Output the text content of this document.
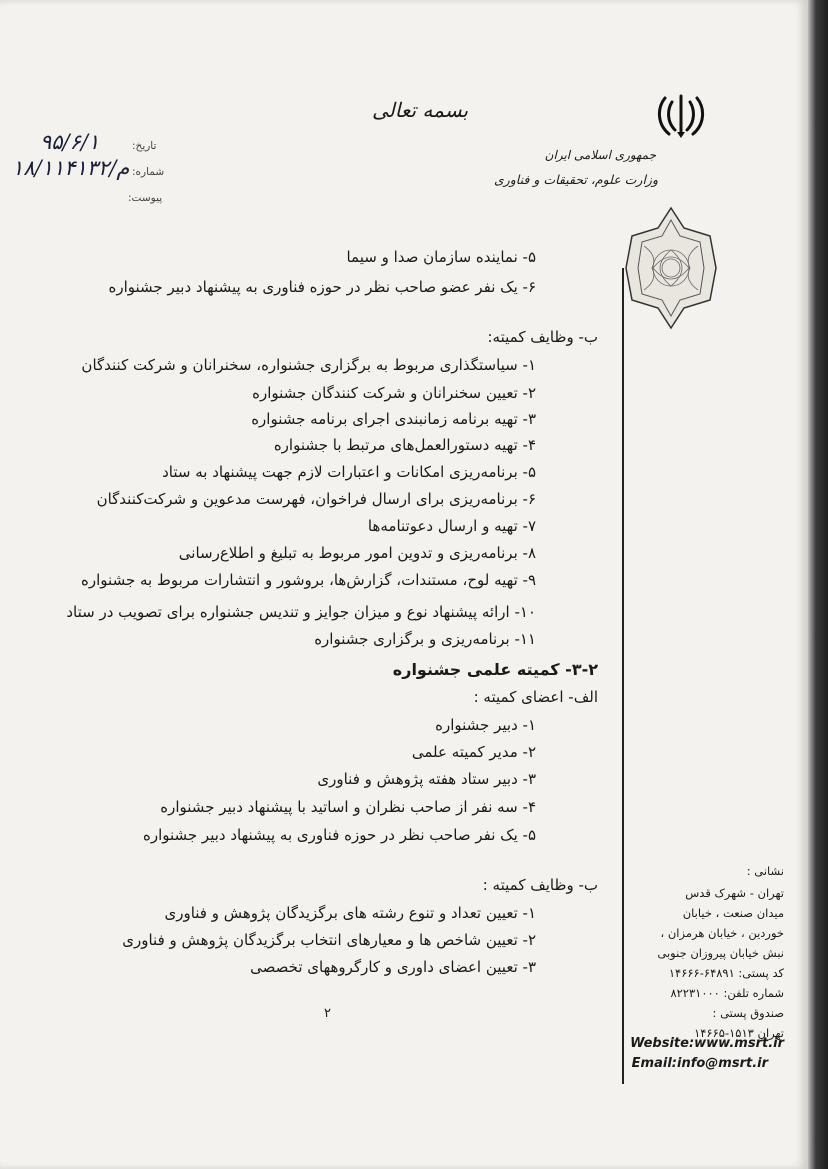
جمهوری اسلامی ایران
وزارت علوم، تحقیقات و فناوری
بسمه تعالی
تاریخ:
۹۵/۶/۱
شماره:
۱۸/۱۱۴۱۳۲/م
پیوست:
۵- نماینده سازمان صدا و سیما
۶- یک نفر عضو صاحب نظر در حوزه فناوری به پیشنهاد دبیر جشنواره
ب- وظایف کمیته:
۱- سیاستگذاری مربوط به برگزاری جشنواره، سخنرانان و شرکت کنندگان
۲- تعیین سخنرانان و شرکت کنندگان جشنواره
۳- تهیه برنامه زمانبندی اجرای برنامه جشنواره
۴- تهیه دستورالعمل‌های مرتبط با جشنواره
۵- برنامه‌ریزی امکانات و اعتبارات لازم جهت پیشنهاد به ستاد
۶- برنامه‌ریزی برای ارسال فراخوان، فهرست مدعوین و شرکت‌کنندگان
۷- تهیه و ارسال دعوتنامه‌ها
۸- برنامه‌ریزی و تدوین امور مربوط به تبلیغ و اطلاع‌رسانی
۹- تهیه لوح، مستندات، گزارش‌ها، بروشور و انتشارات مربوط به جشنواره
۱۰- ارائه پیشنهاد نوع و میزان جوایز و تندیس جشنواره برای تصویب در ستاد
۱۱- برنامه‌ریزی و برگزاری جشنواره
۳-۲- کمیته علمی جشنواره
الف- اعضای کمیته :
۱- دبیر جشنواره
۲- مدیر کمیته علمی
۳- دبیر ستاد هفته پژوهش و فناوری
۴- سه نفر از صاحب نظران و اساتید با پیشنهاد دبیر جشنواره
۵- یک نفر صاحب نظر در حوزه فناوری به پیشنهاد دبیر جشنواره
ب- وظایف کمیته :
۱- تعیین تعداد و تنوع رشته های برگزیدگان پژوهش و فناوری
۲- تعیین شاخص ها و معیارهای انتخاب برگزیدگان پژوهش و فناوری
۳- تعیین اعضای داوری و کارگروههای تخصصی
۲
نشانی :
تهران - شهرک قدس
میدان صنعت ، خیابان
خوردین ، خیابان هرمزان ،
نبش خیابان پیروزان جنوبی
کد پستی: ۶۴۸۹۱-۱۴۶۶۶
شماره تلفن: ۸۲۲۳۱۰۰۰
صندوق پستی :
تهران ۱۵۱۳-۱۴۶۶۵
Website:www.msrt.ir
Email:info@msrt.ir
